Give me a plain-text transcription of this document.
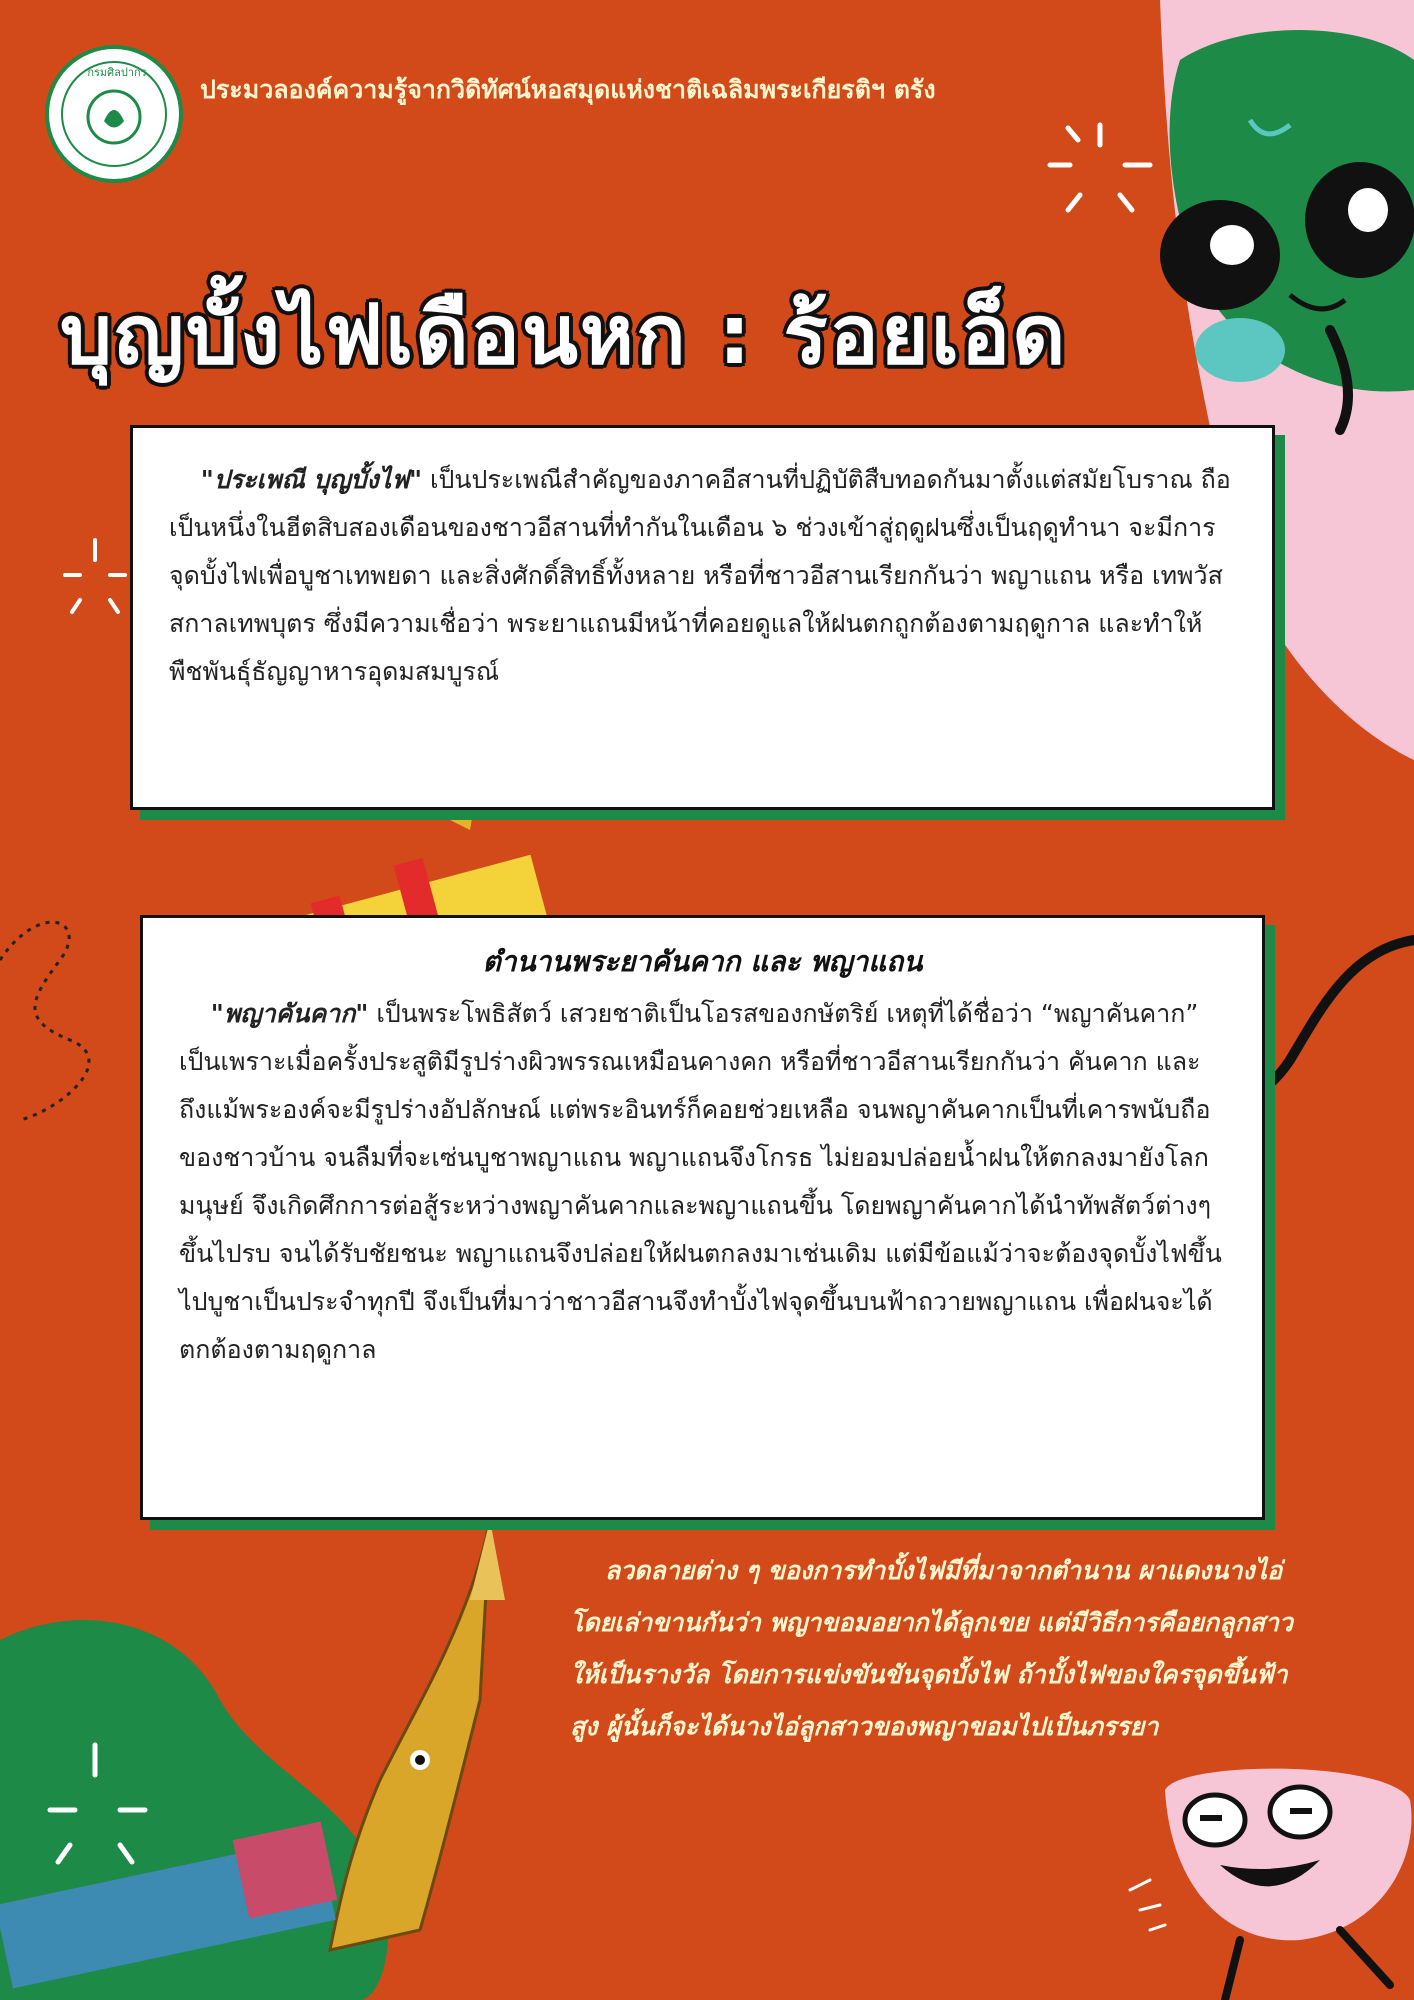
กรมศิลปากร
ประมวลองค์ความรู้จากวิดิทัศน์หอสมุดแห่งชาติเฉลิมพระเกียรติฯ ตรัง
บุญบั้งไฟเดือนหก : ร้อยเอ็ด

"ประเพณี บุญบั้งไฟ" เป็นประเพณีสำคัญของภาคอีสานที่ปฏิบัติสืบทอดกันมาตั้งแต่สมัยโบราณ ถือเป็นหนึ่งในฮีตสิบสองเดือนของชาวอีสานที่ทำกันในเดือน ๖ ช่วงเข้าสู่ฤดูฝนซึ่งเป็นฤดูทำนา จะมีการจุดบั้งไฟเพื่อบูชาเทพยดา และสิ่งศักดิ์สิทธิ์ทั้งหลาย หรือที่ชาวอีสานเรียกกันว่า พญาแถน หรือ เทพวัสสกาลเทพบุตร ซึ่งมีความเชื่อว่า พระยาแถนมีหน้าที่คอยดูแลให้ฝนตกถูกต้องตามฤดูกาล และทำให้พืชพันธุ์ธัญญาหารอุดมสมบูรณ์

ตำนานพระยาคันคาก และ พญาแถน

"พญาคันคาก" เป็นพระโพธิสัตว์ เสวยชาติเป็นโอรสของกษัตริย์ เหตุที่ได้ชื่อว่า “พญาคันคาก” เป็นเพราะเมื่อครั้งประสูติมีรูปร่างผิวพรรณเหมือนคางคก หรือที่ชาวอีสานเรียกกันว่า คันคาก และถึงแม้พระองค์จะมีรูปร่างอัปลักษณ์ แต่พระอินทร์ก็คอยช่วยเหลือ จนพญาคันคากเป็นที่เคารพนับถือของชาวบ้าน จนลืมที่จะเซ่นบูชาพญาแถน พญาแถนจึงโกรธ ไม่ยอมปล่อยน้ำฝนให้ตกลงมายังโลกมนุษย์ จึงเกิดศึกการต่อสู้ระหว่างพญาคันคากและพญาแถนขึ้น โดยพญาคันคากได้นำทัพสัตว์ต่างๆ ขึ้นไปรบ จนได้รับชัยชนะ พญาแถนจึงปล่อยให้ฝนตกลงมาเช่นเดิม แต่มีข้อแม้ว่าจะต้องจุดบั้งไฟขึ้นไปบูชาเป็นประจำทุกปี จึงเป็นที่มาว่าชาวอีสานจึงทำบั้งไฟจุดขึ้นบนฟ้าถวายพญาแถน เพื่อฝนจะได้ตกต้องตามฤดูกาล

ลวดลายต่าง ๆ ของการทำบั้งไฟมีที่มาจากตำนาน ผาแดงนางไอ่ โดยเล่าขานกันว่า พญาขอมอยากได้ลูกเขย แต่มีวิธีการคือยกลูกสาวให้เป็นรางวัล โดยการแข่งขันขันจุดบั้งไฟ ถ้าบั้งไฟของใครจุดขึ้นฟ้าสูง ผู้นั้นก็จะได้นางไอ่ลูกสาวของพญาขอมไปเป็นภรรยา
